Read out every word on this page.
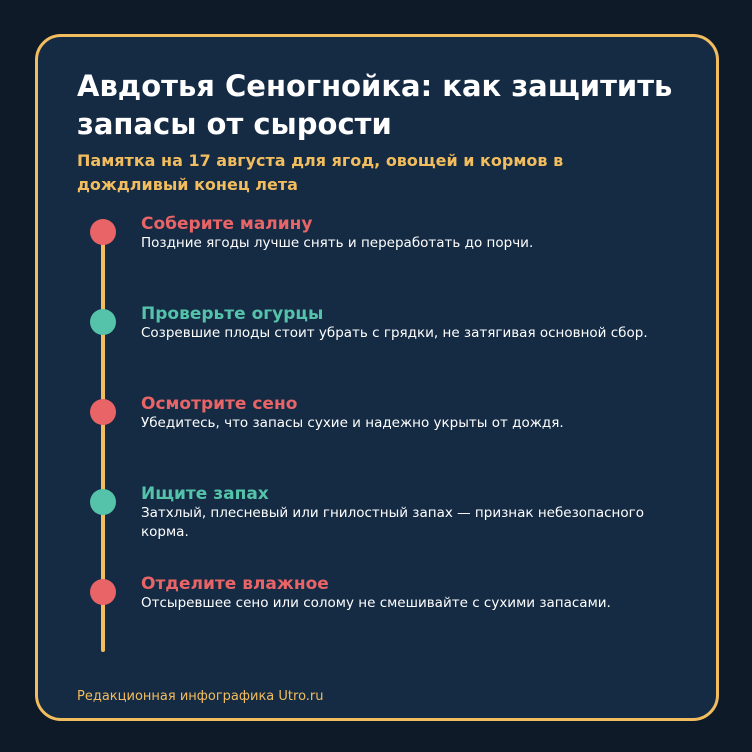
Авдотья Сеногнойка: как защитить запасы от сырости

Памятка на 17 августа для ягод, овощей и кормов в дождливый конец лета

Соберите малину

Поздние ягоды лучше снять и переработать до порчи.

Проверьте огурцы

Созревшие плоды стоит убрать с грядки, не затягивая основной сбор.

Осмотрите сено

Убедитесь, что запасы сухие и надежно укрыты от дождя.

Ищите запах

Затхлый, плесневый или гнилостный запах — признак небезопасного корма.

Отделите влажное

Отсыревшее сено или солому не смешивайте с сухими запасами.

Редакционная инфографика Utro.ru
